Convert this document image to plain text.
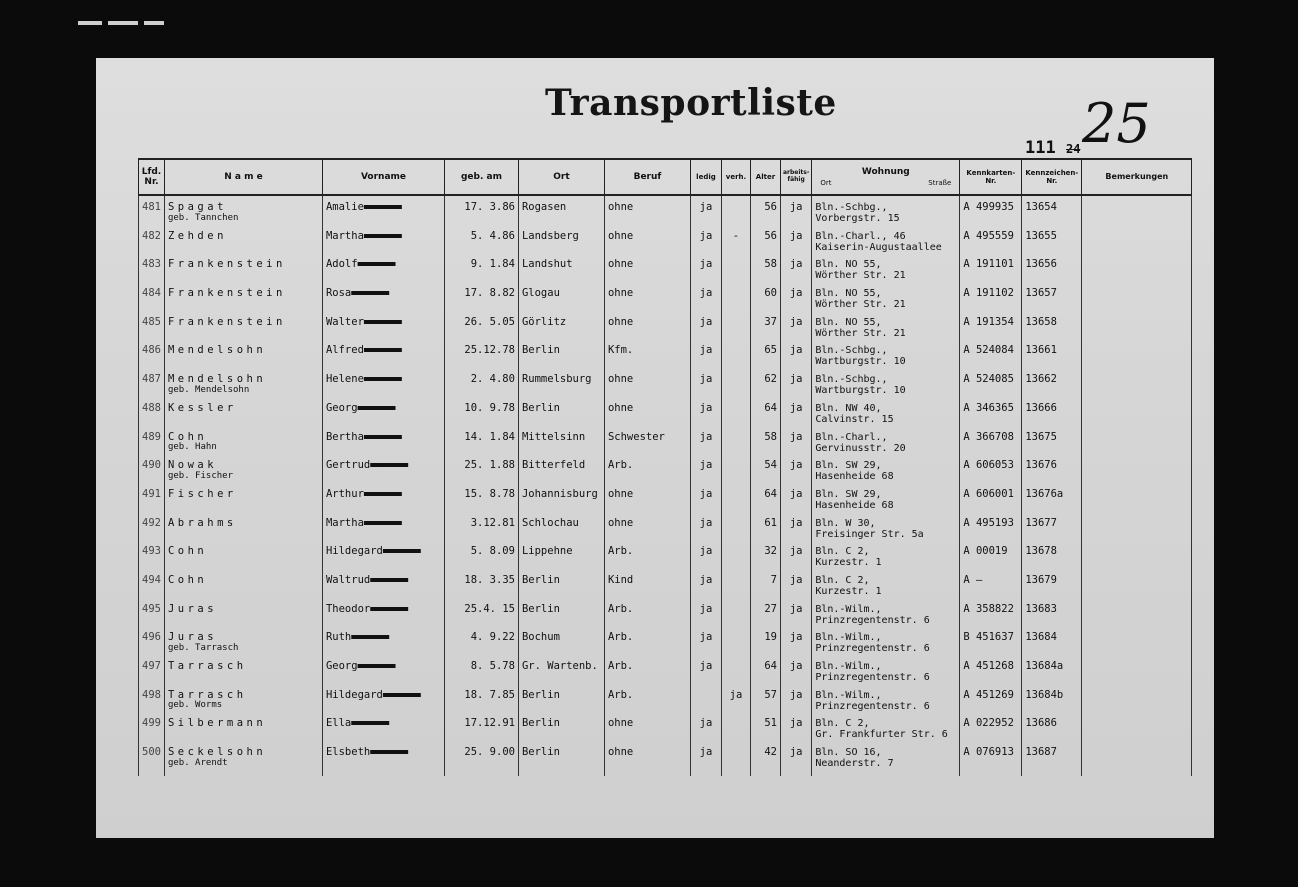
Transportliste	25
111 24
Lfd. Nr.	N a m e	Vorname	geb. am	Ort	Beruf	ledig	verh.	Alter	arbeits-fähig	Wohnung
Ort Straße	Kennkarten-Nr.	Kennzeichen-Nr.	Bemerkungen
481	Spagat
geb. Tannchen	Amalie	17. 3.86	Rogasen	ohne	ja		56	ja	Bln.-Schbg.,
Vorbergstr. 15	A 499935	13654	
482	Zehden	Martha	5. 4.86	Landsberg	ohne	ja	-	56	ja	Bln.-Charl., 46
Kaiserin-Augustaallee	A 495559	13655	
483	Frankenstein	Adolf	9. 1.84	Landshut	ohne	ja		58	ja	Bln. NO 55,
Wörther Str. 21	A 191101	13656	
484	Frankenstein	Rosa	17. 8.82	Glogau	ohne	ja		60	ja	Bln. NO 55,
Wörther Str. 21	A 191102	13657	
485	Frankenstein	Walter	26. 5.05	Görlitz	ohne	ja		37	ja	Bln. NO 55,
Wörther Str. 21	A 191354	13658	
486	Mendelsohn	Alfred	25.12.78	Berlin	Kfm.	ja		65	ja	Bln.-Schbg.,
Wartburgstr. 10	A 524084	13661	
487	Mendelsohn
geb. Mendelsohn	Helene	2. 4.80	Rummelsburg	ohne	ja		62	ja	Bln.-Schbg.,
Wartburgstr. 10	A 524085	13662	
488	Kessler	Georg	10. 9.78	Berlin	ohne	ja		64	ja	Bln. NW 40,
Calvinstr. 15	A 346365	13666	
489	Cohn
geb. Hahn	Bertha	14. 1.84	Mittelsinn	Schwester	ja		58	ja	Bln.-Charl.,
Gervinusstr. 20	A 366708	13675	
490	Nowak
geb. Fischer	Gertrud	25. 1.88	Bitterfeld	Arb.	ja		54	ja	Bln. SW 29,
Hasenheide 68	A 606053	13676	
491	Fischer	Arthur	15. 8.78	Johannisburg	ohne	ja		64	ja	Bln. SW 29,
Hasenheide 68	A 606001	13676a	
492	Abrahms	Martha	3.12.81	Schlochau	ohne	ja		61	ja	Bln. W 30,
Freisinger Str. 5a	A 495193	13677	
493	Cohn	Hildegard	5. 8.09	Lippehne	Arb.	ja		32	ja	Bln. C 2,
Kurzestr. 1	A 00019	13678	
494	Cohn	Waltrud	18. 3.35	Berlin	Kind	ja		7	ja	Bln. C 2,
Kurzestr. 1	A —	13679	
495	Juras	Theodor	25.4. 15	Berlin	Arb.	ja		27	ja	Bln.-Wilm.,
Prinzregentenstr. 6	A 358822	13683	
496	Juras
geb. Tarrasch	Ruth	4. 9.22	Bochum	Arb.	ja		19	ja	Bln.-Wilm.,
Prinzregentenstr. 6	B 451637	13684	
497	Tarrasch	Georg	8. 5.78	Gr. Wartenb.	Arb.	ja		64	ja	Bln.-Wilm.,
Prinzregentenstr. 6	A 451268	13684a	
498	Tarrasch
geb. Worms	Hildegard	18. 7.85	Berlin	Arb.		ja	57	ja	Bln.-Wilm.,
Prinzregentenstr. 6	A 451269	13684b	
499	Silbermann	Ella	17.12.91	Berlin	ohne	ja		51	ja	Bln. C 2,
Gr. Frankfurter Str. 6	A 022952	13686	
500	Seckelsohn
geb. Arendt	Elsbeth	25. 9.00	Berlin	ohne	ja		42	ja	Bln. SO 16,
Neanderstr. 7	A 076913	13687	
